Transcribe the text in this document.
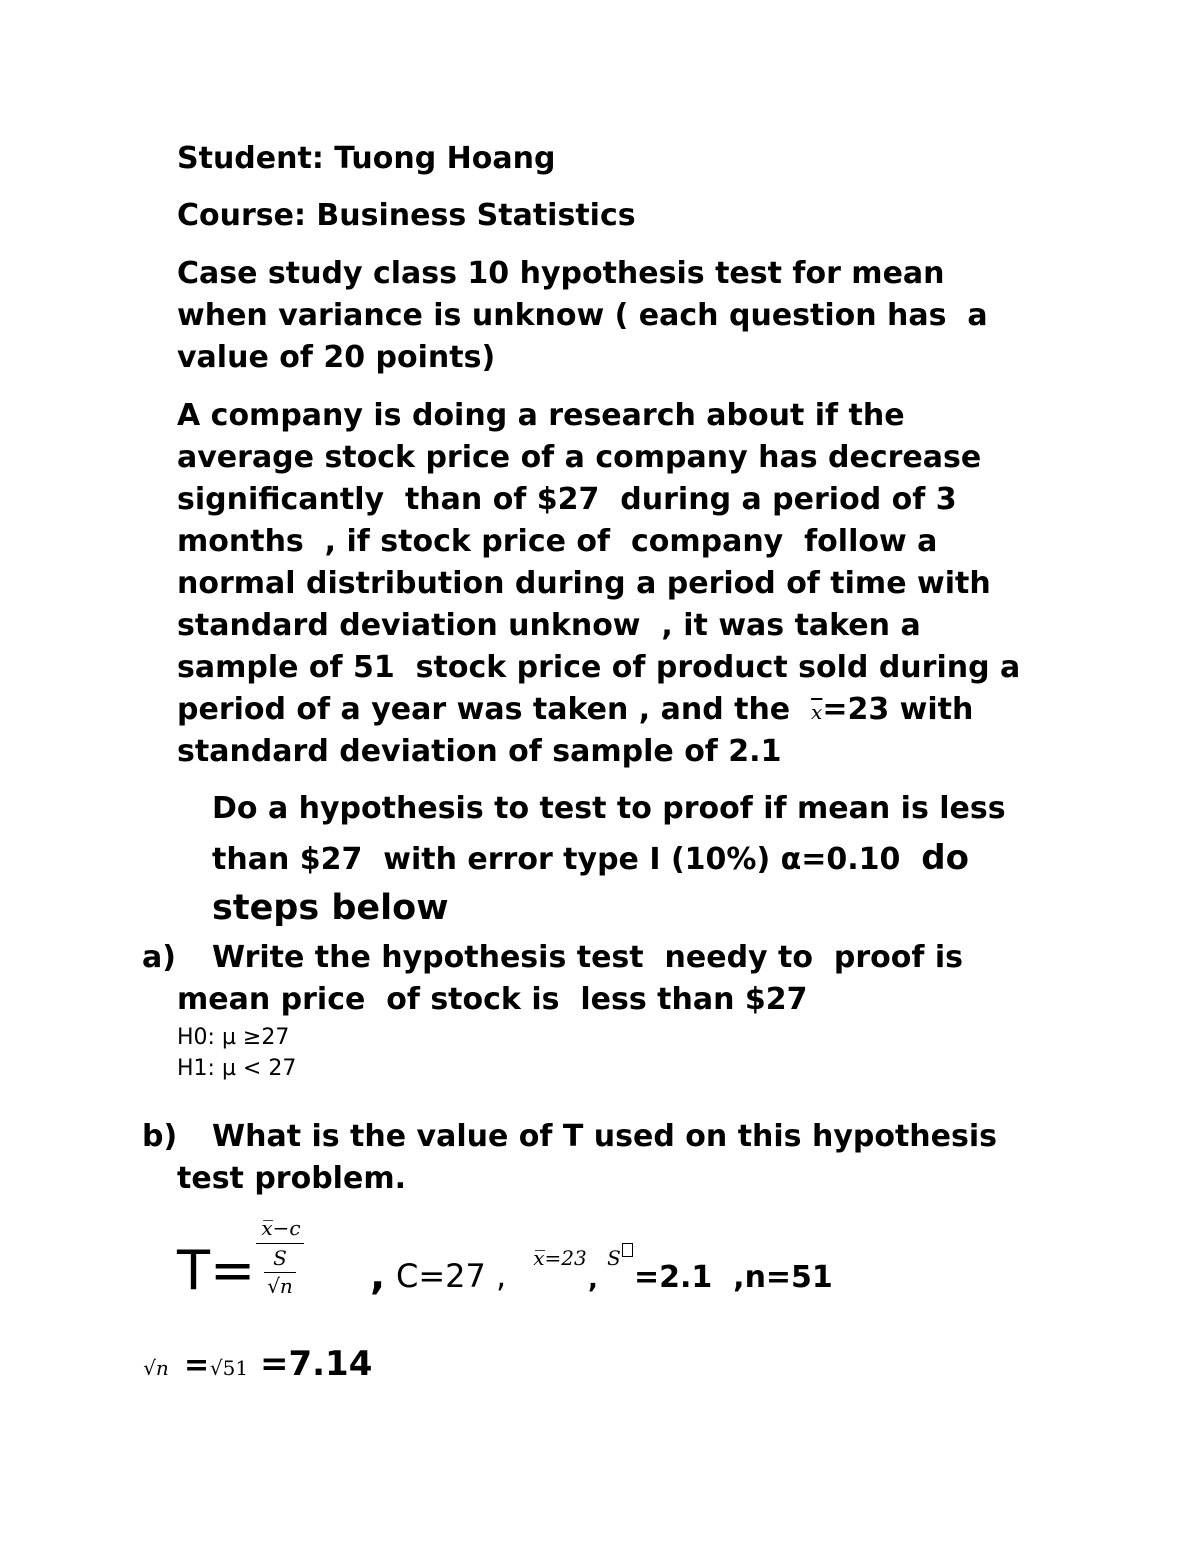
Student: Tuong Hoang
Course: Business Statistics
Case study class 10 hypothesis test for mean
when variance is unknow ( each question has  a
value of 20 points)
A company is doing a research about if the
average stock price of a company has decrease
significantly  than of $27  during a period of 3
months  , if stock price of  company  follow a
normal distribution during a period of time with
standard deviation unknow  , it was taken a
sample of 51  stock price of product sold during a
period of a year was taken , and the  $\overline{x}=23$ with
standard deviation of sample of 2.1
Do a hypothesis to test to proof if mean is less
than $27  with error type I (10%) α=0.10  do
steps below
a) Write the hypothesis test  needy to  proof is
mean price  of stock is  less than $27
H0: µ ≥27
H1: µ < 27
b) What is the value of T used on this hypothesis
test problem.
T=
x̅−c
S
√n , C=27 , x̅=23
,
S
=2.1  ,n=51
√n = √51 =7.14
